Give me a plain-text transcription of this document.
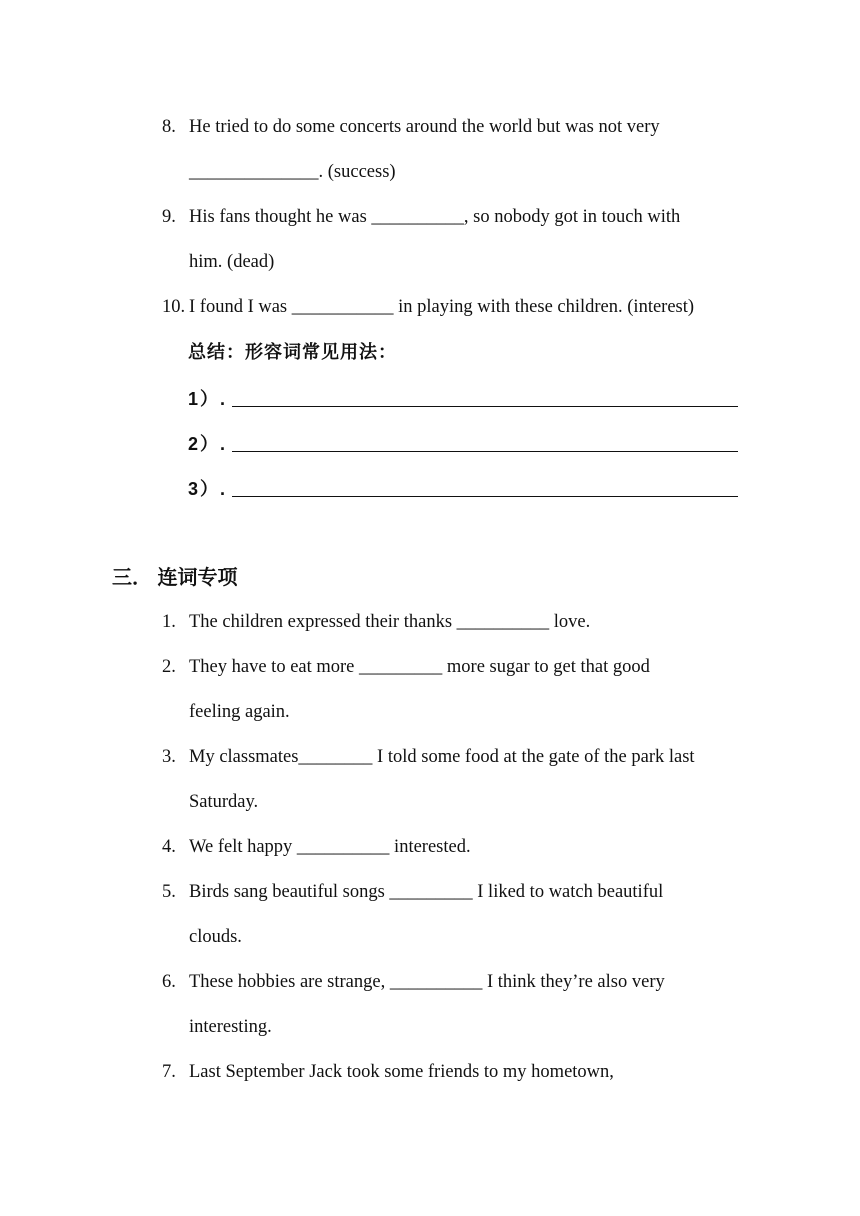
8. He tried to do some concerts around the world but was not very
______________. (success)
9. His fans thought he was __________, so nobody got in touch with
him. (dead)
10. I found I was ___________ in playing with these children. (interest)
总结：形容词常见用法：
1）.
2）.
3）.
三． 连词专项
1. The children expressed their thanks __________ love.
2. They have to eat more _________ more sugar to get that good
feeling again.
3. My classmates________ I told some food at the gate of the park last
Saturday.
4. We felt happy __________ interested.
5. Birds sang beautiful songs _________ I liked to watch beautiful
clouds.
6. These hobbies are strange, __________ I think they’re also very
interesting.
7. Last September Jack took some friends to my hometown,
